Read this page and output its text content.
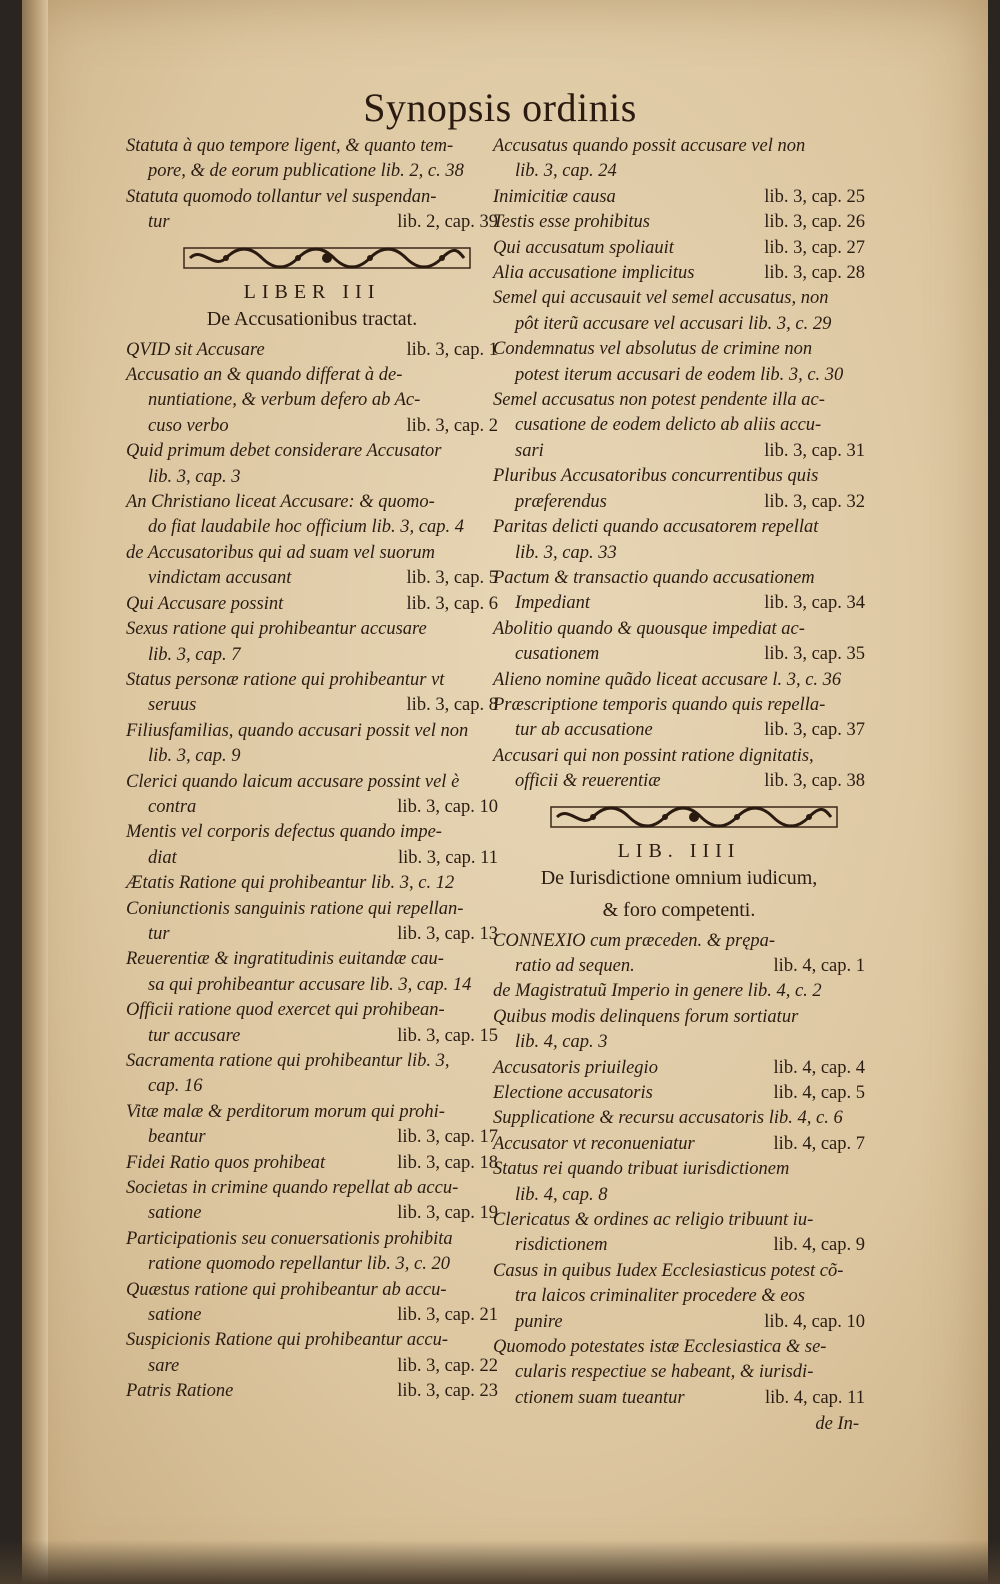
Synopsis ordinis
Statuta à quo tempore ligent, & quanto tem-
pore, & de eorum publicatione lib. 2, c. 38
Statuta quomodo tollantur vel suspendan-
tur	lib. 2, cap. 39
LIBER III
De Accusationibus tractat.
QVID sit Accusare	lib. 3, cap. 1
Accusatio an & quando differat à de-
nuntiatione, & verbum defero ab Ac-
cuso verbo	lib. 3, cap. 2
Quid primum debet considerare Accusator
lib. 3, cap. 3
An Christiano liceat Accusare: & quomo-
do fiat laudabile hoc officium lib. 3, cap. 4
de Accusatoribus qui ad suam vel suorum
vindictam accusant	lib. 3, cap. 5
Qui Accusare possint	lib. 3, cap. 6
Sexus ratione qui prohibeantur accusare
lib. 3, cap. 7
Status personæ ratione qui prohibeantur vt
seruus	lib. 3, cap. 8
Filiusfamilias, quando accusari possit vel non
lib. 3, cap. 9
Clerici quando laicum accusare possint vel è
contra	lib. 3, cap. 10
Mentis vel corporis defectus quando impe-
diat	lib. 3, cap. 11
Ætatis Ratione qui prohibeantur lib. 3, c. 12
Coniunctionis sanguinis ratione qui repellan-
tur	lib. 3, cap. 13
Reuerentiæ & ingratitudinis euitandæ cau-
sa qui prohibeantur accusare lib. 3, cap. 14
Officii ratione quod exercet qui prohibean-
tur accusare	lib. 3, cap. 15
Sacramenta ratione qui prohibeantur lib. 3,
cap. 16
Vitæ malæ & perditorum morum qui prohi-
beantur	lib. 3, cap. 17
Fidei Ratio quos prohibeat	lib. 3, cap. 18
Societas in crimine quando repellat ab accu-
satione	lib. 3, cap. 19
Participationis seu conuersationis prohibita
ratione quomodo repellantur lib. 3, c. 20
Quæstus ratione qui prohibeantur ab accu-
satione	lib. 3, cap. 21
Suspicionis Ratione qui prohibeantur accu-
sare	lib. 3, cap. 22
Patris Ratione	lib. 3, cap. 23
Accusatus quando possit accusare vel non
lib. 3, cap. 24
Inimicitiæ causa	lib. 3, cap. 25
Testis esse prohibitus	lib. 3, cap. 26
Qui accusatum spoliauit	lib. 3, cap. 27
Alia accusatione implicitus	lib. 3, cap. 28
Semel qui accusauit vel semel accusatus, non
pôt iterũ accusare vel accusari lib. 3, c. 29
Condemnatus vel absolutus de crimine non
potest iterum accusari de eodem lib. 3, c. 30
Semel accusatus non potest pendente illa ac-
cusatione de eodem delicto ab aliis accu-
sari	lib. 3, cap. 31
Pluribus Accusatoribus concurrentibus quis
præferendus	lib. 3, cap. 32
Paritas delicti quando accusatorem repellat
lib. 3, cap. 33
Pactum & transactio quando accusationem
Impediant	lib. 3, cap. 34
Abolitio quando & quousque impediat ac-
cusationem	lib. 3, cap. 35
Alieno nomine quãdo liceat accusare l. 3, c. 36
Præscriptione temporis quando quis repella-
tur ab accusatione	lib. 3, cap. 37
Accusari qui non possint ratione dignitatis,
officii & reuerentiæ	lib. 3, cap. 38
LIB. IIII
De Iurisdictione omnium iudicum,
& foro competenti.
CONNEXIO cum præceden. & prępa-
ratio ad sequen.	lib. 4, cap. 1
de Magistratuũ Imperio in genere lib. 4, c. 2
Quibus modis delinquens forum sortiatur
lib. 4, cap. 3
Accusatoris priuilegio	lib. 4, cap. 4
Electione accusatoris	lib. 4, cap. 5
Supplicatione & recursu accusatoris lib. 4, c. 6
Accusator vt reconueniatur	lib. 4, cap. 7
Status rei quando tribuat iurisdictionem
lib. 4, cap. 8
Clericatus & ordines ac religio tribuunt iu-
risdictionem	lib. 4, cap. 9
Casus in quibus Iudex Ecclesiasticus potest cõ-
tra laicos criminaliter procedere & eos
punire	lib. 4, cap. 10
Quomodo potestates istæ Ecclesiastica & se-
cularis respectiue se habeant, & iurisdi-
ctionem suam tueantur	lib. 4, cap. 11
de In-
